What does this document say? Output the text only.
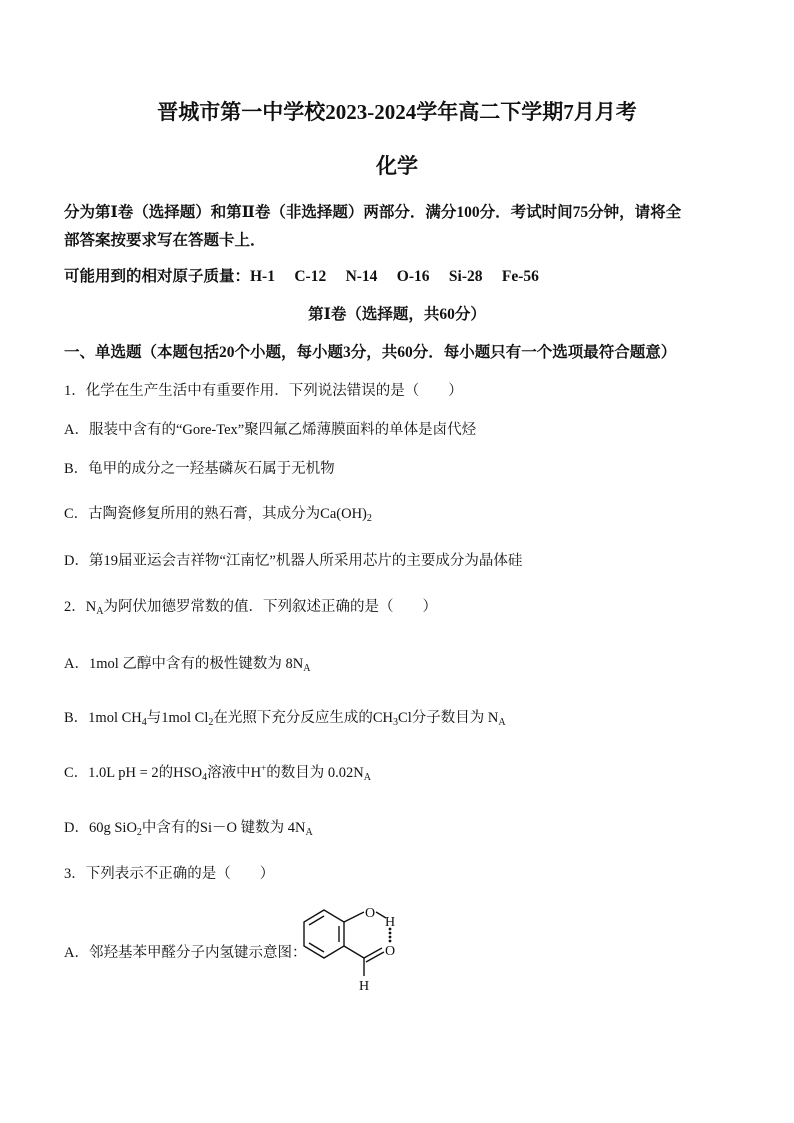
晋城市第一中学校2023-2024学年高二下学期7月月考
化学
分为第Ⅰ卷（选择题）和第Ⅱ卷（非选择题）两部分．满分100分．考试时间75分钟，请将全
部答案按要求写在答题卡上．
可能用到的相对原子质量：H-1　 C-12　 N-14　 O-16　 Si-28　 Fe-56
第Ⅰ卷（选择题，共60分）
一、单选题（本题包括20个小题，每小题3分，共60分．每小题只有一个选项最符合题意）
1．化学在生产生活中有重要作用．下列说法错误的是（　　）
A．服装中含有的“Gore-Tex”聚四氟乙烯薄膜面料的单体是卤代烃
B．龟甲的成分之一羟基磷灰石属于无机物
C．古陶瓷修复所用的熟石膏，其成分为$Ca(OH)_2$
D．第19届亚运会吉祥物“江南忆”机器人所采用芯片的主要成分为晶体硅
2．$N_A$为阿伏加德罗常数的值．下列叙述正确的是（　　）
A．1mol 乙醇中含有的极性键数为 $8N_A$
B．1mol $CH_4$与1mol $Cl_2$在光照下充分反应生成的$CH_3Cl$分子数目为 $N_A$
C．1.0L pH = 2的$HSO_4$溶液中H+的数目为 $0.02N_A$
D．60g SiO$_2$中含有的Si－O 键数为 $4N_A$
3．下列表示不正确的是（　　）
A．邻羟基苯甲醛分子内氢键示意图：
O
H
O
H
